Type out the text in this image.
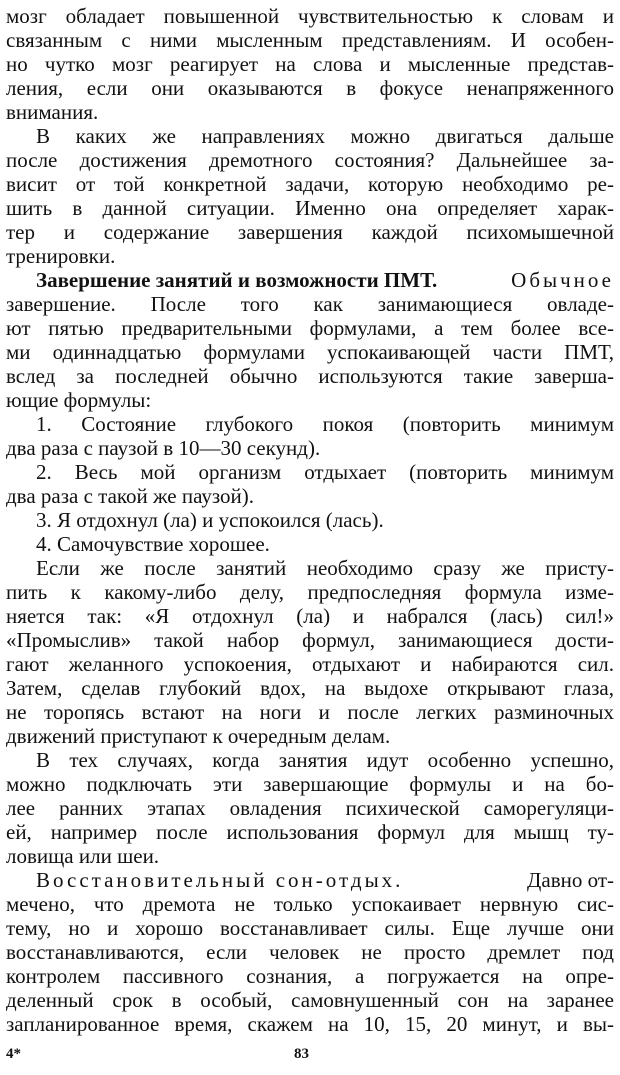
мозг обладает повышенной чувствительностью к словам и
связанным с ними мысленным представлениям. И особен-
но чутко мозг реагирует на слова и мысленные представ-
ления, если они оказываются в фокусе ненапряженного
внимания.
В каких же направлениях можно двигаться дальше
после достижения дремотного состояния? Дальнейшее за-
висит от той конкретной задачи, которую необходимо ре-
шить в данной ситуации. Именно она определяет харак-
тер и содержание завершения каждой психомышечной
тренировки.
Завершение занятий и возможности ПМТ.	Обычное
завершение. После того как занимающиеся овладе-
ют пятью предварительными формулами, а тем более все-
ми одиннадцатью формулами успокаивающей части ПМТ,
вслед за последней обычно используются такие заверша-
ющие формулы:
1. Состояние глубокого покоя (повторить минимум
два раза с паузой в 10—30 секунд).
2. Весь мой организм отдыхает (повторить минимум
два раза с такой же паузой).
3. Я отдохнул (ла) и успокоился (лась).
4. Самочувствие хорошее.
Если же после занятий необходимо сразу же присту-
пить к какому-либо делу, предпоследняя формула изме-
няется так: «Я отдохнул (ла) и набрался (лась) сил!»
«Промыслив» такой набор формул, занимающиеся дости-
гают желанного успокоения, отдыхают и набираются сил.
Затем, сделав глубокий вдох, на выдохе открывают глаза,
не торопясь встают на ноги и после легких разминочных
движений приступают к очередным делам.
В тех случаях, когда занятия идут особенно успешно,
можно подключать эти завершающие формулы и на бо-
лее ранних этапах овладения психической саморегуляци-
ей, например после использования формул для мышц ту-
ловища или шеи.
Восстановительный сон-отдых.	Давно от-
мечено, что дремота не только успокаивает нервную сис-
тему, но и хорошо восстанавливает силы. Еще лучше они
восстанавливаются, если человек не просто дремлет под
контролем пассивного сознания, а погружается на опре-
деленный срок в особый, самовнушенный сон на заранее
запланированное время, скажем на 10, 15, 20 минут, и вы-
4*	83
